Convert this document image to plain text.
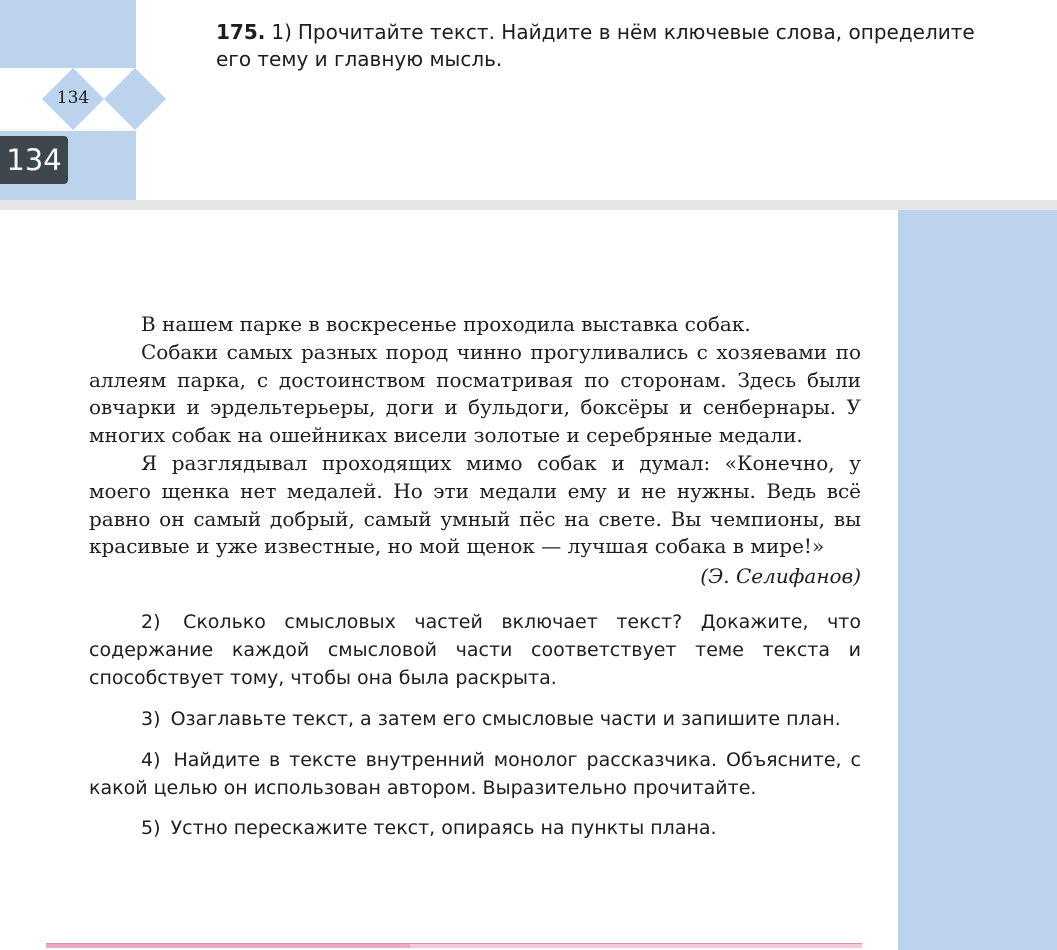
134
134
175. 1) Прочитайте текст. Найдите в нём ключевые слова, определите его тему и главную мысль.

В нашем парке в воскресенье проходила выставка собак.

Собаки самых разных пород чинно прогуливались с хозяевами по аллеям парка, с достоинством посматривая по сторонам. Здесь были овчарки и эрдельтерьеры, доги и бульдоги, боксёры и сенбернары. У многих собак на ошейниках висели золотые и серебряные медали.

Я разглядывал проходящих мимо собак и думал: «Конечно, у моего щенка нет медалей. Но эти медали ему и не нужны. Ведь всё равно он самый добрый, самый умный пёс на свете. Вы чемпионы, вы красивые и уже известные, но мой щенок — лучшая собака в мире!»

(Э. Селифанов)

2) Сколько смысловых частей включает текст? Докажите, что содержание каждой смысловой части соответствует теме текста и способствует тому, чтобы она была раскрыта.

3) Озаглавьте текст, а затем его смысловые части и запишите план.

4) Найдите в тексте внутренний монолог рассказчика. Объясните, с какой целью он использован автором. Выразительно прочитайте.

5) Устно перескажите текст, опираясь на пункты плана.
